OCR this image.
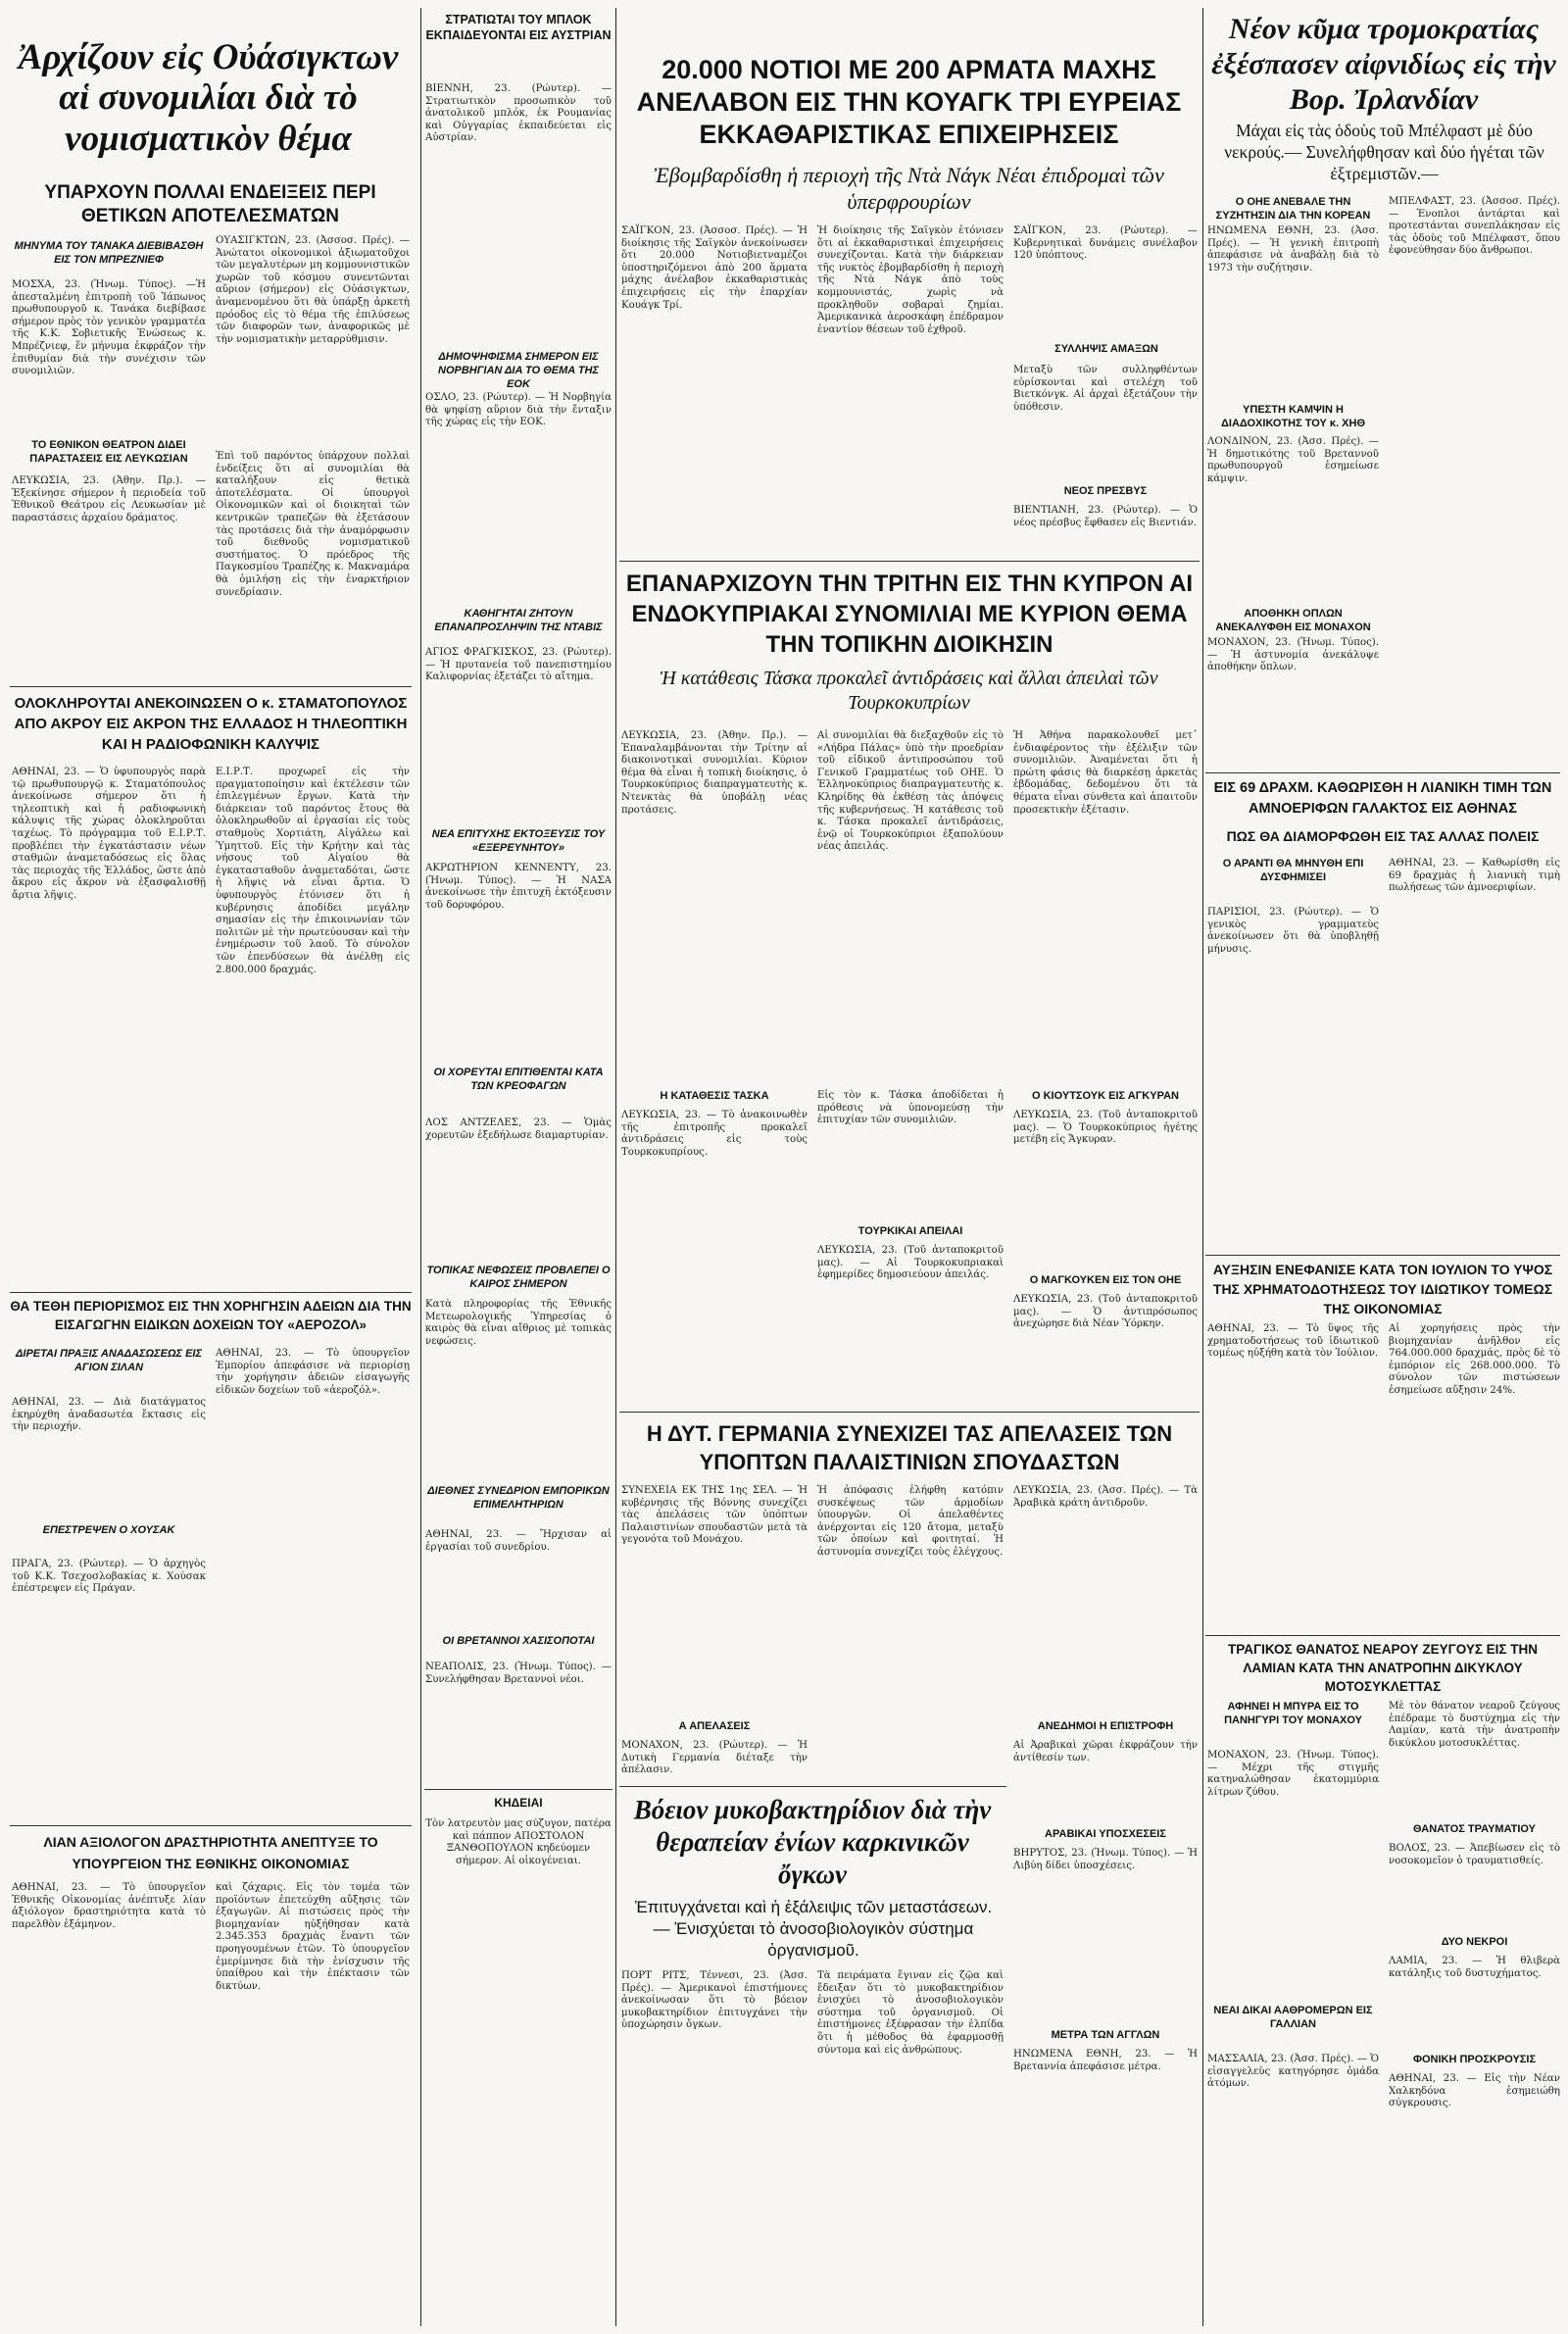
Ἀρχίζουν εἰς Οὐάσιγκτων αἱ συνομιλίαι διὰ τὸ νομισματικὸν θέμα
ΥΠΑΡΧΟΥΝ ΠΟΛΛΑΙ ΕΝΔΕΙΞΕΙΣ ΠΕΡΙ ΘΕΤΙΚΩΝ ΑΠΟΤΕΛΕΣΜΑΤΩΝ
ΟΥΑΣΙΓΚΤΩΝ, 23. (Ἀσσοσ. Πρές). — Ἀνώτατοι οἰκονομικοὶ ἀξιωματοῦχοι τῶν μεγαλυτέρων μη κομμουνιστικῶν χωρῶν τοῦ κόσμου συνεντῶνται αὔριον (σήμερον) εἰς Οὐάσιγκτων, ἀναμενομένου ὅτι θὰ ὑπάρξῃ ἀρκετὴ πρόοδος εἰς τὸ θέμα τῆς ἐπιλύσεως τῶν διαφορῶν των, ἀναφορικῶς μὲ τὴν νομισματικὴν μεταρρύθμισιν.
ΜΗΝΥΜΑ ΤΟΥ ΤΑΝΑΚΑ ΔΙΕΒΙΒΑΣΘΗ ΕΙΣ ΤΟΝ ΜΠΡΕΖΝΙΕΦ
ΜΟΣΧΑ, 23. (Ἡνωμ. Τύπος). —Ἡ ἀπεσταλμένη ἐπιτροπὴ τοῦ Ἰάπωνος πρωθυπουργοῦ κ. Τανάκα διεβίβασε σήμερον πρὸς τὸν γενικὸν γραμματέα τῆς Κ.Κ. Σοβιετικῆς Ἑνώσεως κ. Μπρέζνιεφ, ἕν μήνυμα ἐκφράζον τὴν ἐπιθυμίαν διὰ τὴν συνέχισιν τῶν συνομιλιῶν.
ΤΟ ΕΘΝΙΚΟΝ ΘΕΑΤΡΟΝ ΔΙΔΕΙ ΠΑΡΑΣΤΑΣΕΙΣ ΕΙΣ ΛΕΥΚΩΣΙΑΝ
ΛΕΥΚΩΣΙΑ, 23. (Ἀθην. Πρ.). — Ἐξεκίνησε σήμερον ἡ περιοδεία τοῦ Ἐθνικοῦ Θεάτρου εἰς Λευκωσίαν μὲ παραστάσεις ἀρχαίου δράματος.
Ἐπὶ τοῦ παρόντος ὑπάρχουν πολλαὶ ἐνδείξεις ὅτι αἱ συνομιλίαι θὰ καταλήξουν εἰς θετικὰ ἀποτελέσματα. Οἱ ὑπουργοὶ Οἰκονομικῶν καὶ οἱ διοικηταὶ τῶν κεντρικῶν τραπεζῶν θὰ ἐξετάσουν τὰς προτάσεις διὰ τὴν ἀναμόρφωσιν τοῦ διεθνοῦς νομισματικοῦ συστήματος. Ὁ πρόεδρος τῆς Παγκοσμίου Τραπέζης κ. Μακναμάρα θὰ ὁμιλήσῃ εἰς τὴν ἐναρκτήριον συνεδρίασιν.
ΟΛΟΚΛΗΡΟΥΤΑΙ ΑΝΕΚΟΙΝΩΣΕΝ Ο κ. ΣΤΑΜΑΤΟΠΟΥΛΟΣ ΑΠΟ ΑΚΡΟΥ ΕΙΣ ΑΚΡΟΝ ΤΗΣ ΕΛΛΑΔΟΣ Η ΤΗΛΕΟΠΤΙΚΗ ΚΑΙ Η ΡΑΔΙΟΦΩΝΙΚΗ ΚΑΛΥΨΙΣ
ΑΘΗΝΑΙ, 23. — Ὁ ὑφυπουργὸς παρὰ τῷ πρωθυπουργῷ κ. Σταματόπουλος ἀνεκοίνωσε σήμερον ὅτι ἡ τηλεοπτικὴ καὶ ἡ ραδιοφωνικὴ κάλυψις τῆς χώρας ὁλοκληροῦται ταχέως. Τὸ πρόγραμμα τοῦ Ε.Ι.Ρ.Τ. προβλέπει τὴν ἐγκατάστασιν νέων σταθμῶν ἀναμεταδόσεως εἰς ὅλας τὰς περιοχὰς τῆς Ἑλλάδος, ὥστε ἀπὸ ἄκρου εἰς ἄκρον νὰ ἐξασφαλισθῇ ἄρτια λῆψις.
Ε.Ι.Ρ.Τ. προχωρεῖ εἰς τὴν πραγματοποίησιν καὶ ἐκτέλεσιν τῶν ἐπιλεγμένων ἔργων. Κατὰ τὴν διάρκειαν τοῦ παρόντος ἔτους θὰ ὁλοκληρωθοῦν αἱ ἐργασίαι εἰς τοὺς σταθμοὺς Χορτιάτη, Αἰγάλεω καὶ Ὑμηττοῦ. Εἰς τὴν Κρήτην καὶ τὰς νήσους τοῦ Αἰγαίου θὰ ἐγκατασταθοῦν ἀναμεταδόται, ὥστε ἡ λῆψις νὰ εἶναι ἄρτια. Ὁ ὑφυπουργὸς ἐτόνισεν ὅτι ἡ κυβέρνησις ἀποδίδει μεγάλην σημασίαν εἰς τὴν ἐπικοινωνίαν τῶν πολιτῶν μὲ τὴν πρωτεύουσαν καὶ τὴν ἐνημέρωσιν τοῦ λαοῦ. Τὸ σύνολον τῶν ἐπενδύσεων θὰ ἀνέλθῃ εἰς 2.800.000 δραχμάς.
ΘΑ ΤΕΘΗ ΠΕΡΙΟΡΙΣΜΟΣ ΕΙΣ ΤΗΝ ΧΟΡΗΓΗΣΙΝ ΑΔΕΙΩΝ ΔΙΑ ΤΗΝ ΕΙΣΑΓΩΓΗΝ ΕΙΔΙΚΩΝ ΔΟΧΕΙΩΝ ΤΟΥ «ΑΕΡΟΖΟΛ»
ΔΙΡΕΤΑΙ ΠΡΑΞΙΣ ΑΝΑΔΑΣΩΣΕΩΣ ΕΙΣ ΑΓΙΟΝ ΣΙΛΑΝ
ΑΘΗΝΑΙ, 23. — Διὰ διατάγματος ἐκηρύχθη ἀναδασωτέα ἔκτασις εἰς τὴν περιοχήν.
ΑΘΗΝΑΙ, 23. — Τὸ ὑπουργεῖον Ἐμπορίου ἀπεφάσισε νὰ περιορίσῃ τὴν χορήγησιν ἀδειῶν εἰσαγωγῆς εἰδικῶν δοχείων τοῦ «ἀεροζόλ».
ΕΠΕΣΤΡΕΨΕΝ Ο ΧΟΥΣΑΚ
ΠΡΑΓΑ, 23. (Ρώυτερ). — Ὁ ἀρχηγὸς τοῦ Κ.Κ. Τσεχοσλοβακίας κ. Χούσακ ἐπέστρεψεν εἰς Πράγαν.
ΛΙΑΝ ΑΞΙΟΛΟΓΟΝ ΔΡΑΣΤΗΡΙΟΤΗΤΑ ΑΝΕΠΤΥΞΕ ΤΟ ΥΠΟΥΡΓΕΙΟΝ ΤΗΣ ΕΘΝΙΚΗΣ ΟΙΚΟΝΟΜΙΑΣ
ΑΘΗΝΑΙ, 23. — Τὸ ὑπουργεῖον Ἐθνικῆς Οἰκονομίας ἀνέπτυξε λίαν ἀξιόλογον δραστηριότητα κατὰ τὸ παρελθὸν ἑξάμηνον.
καὶ ζάχαρις. Εἰς τὸν τομέα τῶν προϊόντων ἐπετεύχθη αὔξησις τῶν ἐξαγωγῶν. Αἱ πιστώσεις πρὸς τὴν βιομηχανίαν ηὐξήθησαν κατὰ 2.345.353 δραχμὰς ἔναντι τῶν προηγουμένων ἐτῶν. Τὸ ὑπουργεῖον ἐμερίμνησε διὰ τὴν ἐνίσχυσιν τῆς ὑπαίθρου καὶ τὴν ἐπέκτασιν τῶν δικτύων.
ΣΤΡΑΤΙΩΤΑΙ ΤΟΥ ΜΠΛΟΚ ΕΚΠΑΙΔΕΥΟΝΤΑΙ ΕΙΣ ΑΥΣΤΡΙΑΝ
ΒΙΕΝΝΗ, 23. (Ρώυτερ). — Στρατιωτικὸν προσωπικὸν τοῦ ἀνατολικοῦ μπλόκ, ἐκ Ρουμανίας καὶ Οὐγγαρίας ἐκπαιδεύεται εἰς Αὐστρίαν.
ΔΗΜΟΨΗΦΙΣΜΑ ΣΗΜΕΡΟΝ ΕΙΣ ΝΟΡΒΗΓΙΑΝ ΔΙΑ ΤΟ ΘΕΜΑ ΤΗΣ ΕΟΚ
ΟΣΛΟ, 23. (Ρώυτερ). — Ἡ Νορβηγία θὰ ψηφίσῃ αὔριον διὰ τὴν ἔνταξιν τῆς χώρας εἰς τὴν ΕΟΚ.
ΚΑΘΗΓΗΤΑΙ ΖΗΤΟΥΝ ΕΠΑΝΑΠΡΟΣΛΗΨΙΝ ΤΗΣ ΝΤΑΒΙΣ
ΑΓΙΟΣ ΦΡΑΓΚΙΣΚΟΣ, 23. (Ρώυτερ). — Ἡ πρυτανεία τοῦ πανεπιστημίου Καλιφορνίας ἐξετάζει τὸ αἴτημα.
ΝΕΑ ΕΠΙΤΥΧΗΣ ΕΚΤΟΞΕΥΣΙΣ ΤΟΥ «ΕΞΕΡΕΥΝΗΤΟΥ»
ΑΚΡΩΤΗΡΙΟΝ ΚΕΝΝΕΝΤΥ, 23. (Ἡνωμ. Τύπος). — Ἡ ΝΑΣΑ ἀνεκοίνωσε τὴν ἐπιτυχῆ ἐκτόξευσιν τοῦ δορυφόρου.
ΟΙ ΧΟΡΕΥΤΑΙ ΕΠΙΤΙΘΕΝΤΑΙ ΚΑΤΑ ΤΩΝ ΚΡΕΟΦΑΓΩΝ
ΛΟΣ ΑΝΤΖΕΛΕΣ, 23. — Ὁμὰς χορευτῶν ἐξεδήλωσε διαμαρτυρίαν.
ΤΟΠΙΚΑΣ ΝΕΦΩΣΕΙΣ ΠΡΟΒΛΕΠΕΙ Ο ΚΑΙΡΟΣ ΣΗΜΕΡΟΝ
Κατὰ πληροφορίας τῆς Ἐθνικῆς Μετεωρολογικῆς Ὑπηρεσίας ὁ καιρὸς θὰ εἶναι αἴθριος μὲ τοπικὰς νεφώσεις.
ΔΙΕΘΝΕΣ ΣΥΝΕΔΡΙΟΝ ΕΜΠΟΡΙΚΩΝ ΕΠΙΜΕΛΗΤΗΡΙΩΝ
ΑΘΗΝΑΙ, 23. — Ἤρχισαν αἱ ἐργασίαι τοῦ συνεδρίου.
ΟΙ ΒΡΕΤΑΝΝΟΙ ΧΑΣΙΣΟΠΟΤΑΙ
ΝΕΑΠΟΛΙΣ, 23. (Ἡνωμ. Τύπος). — Συνελήφθησαν Βρεταννοὶ νέοι.
ΚΗΔΕΙΑΙ
Τὸν λατρευτὸν μας σύζυγον, πατέρα καὶ πάππον ΑΠΟΣΤΟΛΟΝ ΞΑΝΘΟΠΟΥΛΟΝ κηδεύομεν σήμερον. Αἱ οἰκογένειαι.
20.000 ΝΟΤΙΟΙ ΜΕ 200 ΑΡΜΑΤΑ ΜΑΧΗΣ ΑΝΕΛΑΒΟΝ ΕΙΣ ΤΗΝ ΚΟΥΑΓΚ ΤΡΙ ΕΥΡΕΙΑΣ ΕΚΚΑΘΑΡΙΣΤΙΚΑΣ ΕΠΙΧΕΙΡΗΣΕΙΣ
Ἐβομβαρδίσθη ἡ περιοχὴ τῆς Ντὰ Νάγκ Νέαι ἐπιδρομαὶ τῶν ὑπερφρουρίων
ΣΑΪΓΚΟΝ, 23. (Ἀσσοσ. Πρές). — Ἡ διοίκησις τῆς Σαϊγκὸν ἀνεκοίνωσεν ὅτι 20.000 Νοτιοβιετναμέζοι ὑποστηριζόμενοι ἀπὸ 200 ἅρματα μάχης ἀνέλαβον ἐκκαθαριστικὰς ἐπιχειρήσεις εἰς τὴν ἐπαρχίαν Κουάγκ Τρί.
Ἡ διοίκησις τῆς Σαϊγκὸν ἐτόνισεν ὅτι αἱ ἐκκαθαριστικαὶ ἐπιχειρήσεις συνεχίζονται. Κατὰ τὴν διάρκειαν τῆς νυκτὸς ἐβομβαρδίσθη ἡ περιοχὴ τῆς Ντὰ Νάγκ ἀπὸ τοὺς κομμουνιστάς, χωρὶς νὰ προκληθοῦν σοβαραὶ ζημίαι. Ἀμερικανικὰ ἀεροσκάφη ἐπέδραμον ἐναντίον θέσεων τοῦ ἐχθροῦ.
ΣΥΛΛΗΨΙΣ ΑΜΑΞΩΝ
ΣΑΪΓΚΟΝ, 23. (Ρώυτερ). — Κυβερνητικαὶ δυνάμεις συνέλαβον 120 ὑπόπτους.
Μεταξὺ τῶν συλληφθέντων εὑρίσκονται καὶ στελέχη τοῦ Βιετκόνγκ. Αἱ ἀρχαὶ ἐξετάζουν τὴν ὑπόθεσιν.
ΝΕΟΣ ΠΡΕΣΒΥΣ
ΒΙΕΝΤΙΑΝΗ, 23. (Ρώυτερ). — Ὁ νέος πρέσβυς ἔφθασεν εἰς Βιεντιάν.
ΕΠΑΝΑΡΧΙΖΟΥΝ ΤΗΝ ΤΡΙΤΗΝ ΕΙΣ ΤΗΝ ΚΥΠΡΟΝ ΑΙ ΕΝΔΟΚΥΠΡΙΑΚΑΙ ΣΥΝΟΜΙΛΙΑΙ ΜΕ ΚΥΡΙΟΝ ΘΕΜΑ ΤΗΝ ΤΟΠΙΚΗΝ ΔΙΟΙΚΗΣΙΝ
Ἡ κατάθεσις Τάσκα προκαλεῖ ἀντιδράσεις καὶ ἄλλαι ἀπειλαὶ τῶν Τουρκοκυπρίων
ΛΕΥΚΩΣΙΑ, 23. (Ἀθην. Πρ.). — Ἐπαναλαμβάνονται τὴν Τρίτην αἱ διακοινοτικαὶ συνομιλίαι. Κύριον θέμα θὰ εἶναι ἡ τοπικὴ διοίκησις, ὁ Τουρκοκύπριος διαπραγματευτὴς κ. Ντενκτὰς θὰ ὑποβάλῃ νέας προτάσεις.
Αἱ συνομιλίαι θὰ διεξαχθοῦν εἰς τὸ «Λήδρα Πάλας» ὑπὸ τὴν προεδρίαν τοῦ εἰδικοῦ ἀντιπροσώπου τοῦ Γενικοῦ Γραμματέως τοῦ ΟΗΕ. Ὁ Ἑλληνοκύπριος διαπραγματευτὴς κ. Κληρίδης θὰ ἐκθέσῃ τὰς ἀπόψεις τῆς κυβερνήσεως. Ἡ κατάθεσις τοῦ κ. Τάσκα προκαλεῖ ἀντιδράσεις, ἐνῷ οἱ Τουρκοκύπριοι ἐξαπολύουν νέας ἀπειλάς.
Ἡ Ἀθήνα παρακολουθεῖ μετ᾽ ἐνδιαφέροντος τὴν ἐξέλιξιν τῶν συνομιλιῶν. Ἀναμένεται ὅτι ἡ πρώτη φάσις θὰ διαρκέσῃ ἀρκετὰς ἑβδομάδας, δεδομένου ὅτι τὰ θέματα εἶναι σύνθετα καὶ ἀπαιτοῦν προσεκτικὴν ἐξέτασιν.
Η ΚΑΤΑΘΕΣΙΣ ΤΑΣΚΑ
ΛΕΥΚΩΣΙΑ, 23. — Τὸ ἀνακοινωθὲν τῆς ἐπιτροπῆς προκαλεῖ ἀντιδράσεις εἰς τοὺς Τουρκοκυπρίους.
ΤΟΥΡΚΙΚΑΙ ΑΠΕΙΛΑΙ
ΛΕΥΚΩΣΙΑ, 23. (Τοῦ ἀνταποκριτοῦ μας). — Αἱ Τουρκοκυπριακαὶ ἐφημερίδες δημοσιεύουν ἀπειλάς.
Εἰς τὸν κ. Τάσκα ἀποδίδεται ἡ πρόθεσις νὰ ὑπονομεύσῃ τὴν ἐπιτυχίαν τῶν συνομιλιῶν.
Ο ΚΙΟΥΤΣΟΥΚ ΕΙΣ ΑΓΚΥΡΑΝ
ΛΕΥΚΩΣΙΑ, 23. (Τοῦ ἀνταποκριτοῦ μας). — Ὁ Τουρκοκύπριος ἡγέτης μετέβη εἰς Ἄγκυραν.
Ο ΜΑΓΚΟΥΚΕΝ ΕΙΣ ΤΟΝ ΟΗΕ
ΛΕΥΚΩΣΙΑ, 23. (Τοῦ ἀνταποκριτοῦ μας). — Ὁ ἀντιπρόσωπος ἀνεχώρησε διὰ Νέαν Ὑόρκην.
Η ΔΥΤ. ΓΕΡΜΑΝΙΑ ΣΥΝΕΧΙΖΕΙ ΤΑΣ ΑΠΕΛΑΣΕΙΣ ΤΩΝ ΥΠΟΠΤΩΝ ΠΑΛΑΙΣΤΙΝΙΩΝ ΣΠΟΥΔΑΣΤΩΝ
ΣΥΝΕΧΕΙΑ ΕΚ ΤΗΣ 1ης ΣΕΛ. — Ἡ κυβέρνησις τῆς Βόννης συνεχίζει τὰς ἀπελάσεις τῶν ὑπόπτων Παλαιστινίων σπουδαστῶν μετὰ τὰ γεγονότα τοῦ Μονάχου.
Ἡ ἀπόφασις ἐλήφθη κατόπιν συσκέψεως τῶν ἁρμοδίων ὑπουργῶν. Οἱ ἀπελαθέντες ἀνέρχονται εἰς 120 ἄτομα, μεταξὺ τῶν ὁποίων καὶ φοιτηταί. Ἡ ἀστυνομία συνεχίζει τοὺς ἐλέγχους.
Α ΑΠΕΛΑΣΕΙΣ
ΜΟΝΑΧΟΝ, 23. (Ρώυτερ). — Ἡ Δυτικὴ Γερμανία διέταξε τὴν ἀπέλασιν.
ΑΝΕΔΗΜΟΙ Η ΕΠΙΣΤΡΟΦΗ
ΛΕΥΚΩΣΙΑ, 23. (Ἀσσ. Πρές). — Τὰ Ἀραβικὰ κράτη ἀντιδροῦν.
Αἱ Ἀραβικαὶ χῶραι ἐκφράζουν τὴν ἀντίθεσίν των.
ΑΡΑΒΙΚΑΙ ΥΠΟΣΧΕΣΕΙΣ
ΒΗΡΥΤΟΣ, 23. (Ἡνωμ. Τύπος). — Ἡ Λιβύη δίδει ὑποσχέσεις.
ΜΕΤΡΑ ΤΩΝ ΑΓΓΛΩΝ
ΗΝΩΜΕΝΑ ΕΘΝΗ, 23. — Ἡ Βρεταννία ἀπεφάσισε μέτρα.
Βόειον μυκοβακτηρίδιον διὰ τὴν θεραπείαν ἐνίων καρκινικῶν ὄγκων
Ἐπιτυγχάνεται καὶ ἡ ἐξάλειψις τῶν μεταστάσεων.— Ἐνισχύεται τὸ ἀνοσοβιολογικὸν σύστημα ὀργανισμοῦ.
ΠΟΡΤ ΡΙΤΣ, Τέννεσι, 23. (Ἀσσ. Πρές). — Ἀμερικανοὶ ἐπιστήμονες ἀνεκοίνωσαν ὅτι τὸ βόειον μυκοβακτηρίδιον ἐπιτυγχάνει τὴν ὑποχώρησιν ὄγκων.
Τὰ πειράματα ἔγιναν εἰς ζῷα καὶ ἔδειξαν ὅτι τὸ μυκοβακτηρίδιον ἐνισχύει τὸ ἀνοσοβιολογικὸν σύστημα τοῦ ὀργανισμοῦ. Οἱ ἐπιστήμονες ἐξέφρασαν τὴν ἐλπίδα ὅτι ἡ μέθοδος θὰ ἐφαρμοσθῇ σύντομα καὶ εἰς ἀνθρώπους.
Νέον κῦμα τρομοκρατίας ἐξέσπασεν αἰφνιδίως εἰς τὴν Βορ. Ἰρλανδίαν
Μάχαι εἰς τὰς ὁδοὺς τοῦ Μπέλφαστ μὲ δύο νεκρούς.— Συνελήφθησαν καὶ δύο ἡγέται τῶν ἐξτρεμιστῶν.—
ΜΠΕΛΦΑΣΤ, 23. (Ἀσσοσ. Πρές). — Ἐνοπλοι ἀντάρται καὶ προτεστάνται συνεπλάκησαν εἰς τὰς ὁδοὺς τοῦ Μπέλφαστ, ὅπου ἐφονεύθησαν δύο ἄνθρωποι.
Ο ΟΗΕ ΑΝΕΒΑΛΕ ΤΗΝ ΣΥΖΗΤΗΣΙΝ ΔΙΑ ΤΗΝ ΚΟΡΕΑΝ
ΗΝΩΜΕΝΑ ΕΘΝΗ, 23. (Ἀσσ. Πρές). — Ἡ γενικὴ ἐπιτροπὴ ἀπεφάσισε νὰ ἀναβάλῃ διὰ τὸ 1973 τὴν συζήτησιν.
ΥΠΕΣΤΗ ΚΑΜΨΙΝ Η ΔΙΑΔΟΧΙΚΟΤΗΣ ΤΟΥ κ. ΧΗΘ
ΛΟΝΔΙΝΟΝ, 23. (Ἀσσ. Πρές). — Ἡ δημοτικότης τοῦ Βρεταννοῦ πρωθυπουργοῦ ἐσημείωσε κάμψιν.
ΑΠΟΘΗΚΗ ΟΠΛΩΝ ΑΝΕΚΑΛΥΦΘΗ ΕΙΣ ΜΟΝΑΧΟΝ
ΜΟΝΑΧΟΝ, 23. (Ἡνωμ. Τύπος). — Ἡ ἀστυνομία ἀνεκάλυψε ἀποθήκην ὅπλων.
ΕΙΣ 69 ΔΡΑΧΜ. ΚΑΘΩΡΙΣΘΗ Η ΛΙΑΝΙΚΗ ΤΙΜΗ ΤΩΝ ΑΜΝΟΕΡΙΦΩΝ ΓΑΛΑΚΤΟΣ ΕΙΣ ΑΘΗΝΑΣ
ΠΩΣ ΘΑ ΔΙΑΜΟΡΦΩΘΗ ΕΙΣ ΤΑΣ ΑΛΛΑΣ ΠΟΛΕΙΣ
Ο ΑΡΑΝΤΙ ΘΑ ΜΗΝΥΘΗ ΕΠΙ ΔΥΣΦΗΜΙΣΕΙ
ΠΑΡΙΣΙΟΙ, 23. (Ρώυτερ). — Ὁ γενικὸς γραμματεὺς ἀνεκοίνωσεν ὅτι θὰ ὑποβληθῇ μήνυσις.
ΑΘΗΝΑΙ, 23. — Καθωρίσθη εἰς 69 δραχμὰς ἡ λιανικὴ τιμὴ πωλήσεως τῶν ἀμνοεριφίων.
ΑΥΞΗΣΙΝ ΕΝΕΦΑΝΙΣΕ ΚΑΤΑ ΤΟΝ ΙΟΥΛΙΟΝ ΤΟ ΥΨΟΣ ΤΗΣ ΧΡΗΜΑΤΟΔΟΤΗΣΕΩΣ ΤΟΥ ΙΔΙΩΤΙΚΟΥ ΤΟΜΕΩΣ ΤΗΣ ΟΙΚΟΝΟΜΙΑΣ
ΑΘΗΝΑΙ, 23. — Τὸ ὕψος τῆς χρηματοδοτήσεως τοῦ ἰδιωτικοῦ τομέως ηὐξήθη κατὰ τὸν Ἰούλιον.
Αἱ χορηγήσεις πρὸς τὴν βιομηχανίαν ἀνῆλθον εἰς 764.000.000 δραχμάς, πρὸς δὲ τὸ ἐμπόριον εἰς 268.000.000. Τὸ σύνολον τῶν πιστώσεων ἐσημείωσε αὔξησιν 24%.
ΤΡΑΓΙΚΟΣ ΘΑΝΑΤΟΣ ΝΕΑΡΟΥ ΖΕΥΓΟΥΣ ΕΙΣ ΤΗΝ ΛΑΜΙΑΝ ΚΑΤΑ ΤΗΝ ΑΝΑΤΡΟΠΗΝ ΔΙΚΥΚΛΟΥ ΜΟΤΟΣΥΚΛΕΤΤΑΣ
ΑΦΗΝΕΙ Η ΜΠΥΡΑ ΕΙΣ ΤΟ ΠΑΝΗΓΥΡΙ ΤΟΥ ΜΟΝΑΧΟΥ
ΜΟΝΑΧΟΝ, 23. (Ἡνωμ. Τύπος). — Μέχρι τῆς στιγμῆς κατηναλώθησαν ἑκατομμύρια λίτρων ζύθου.
Μὲ τὸν θάνατον νεαροῦ ζεύγους ἐπέδραμε τὸ δυστύχημα εἰς τὴν Λαμίαν, κατὰ τὴν ἀνατροπὴν δικύκλου μοτοσυκλέττας.
ΘΑΝΑΤΟΣ ΤΡΑΥΜΑΤΙΟΥ
ΒΟΛΟΣ, 23. — Ἀπεβίωσεν εἰς τὸ νοσοκομεῖον ὁ τραυματισθείς.
ΔΥΟ ΝΕΚΡΟΙ
ΛΑΜΙΑ, 23. — Ἡ θλιβερὰ κατάληξις τοῦ δυστυχήματος.
ΝΕΑΙ ΔΙΚΑΙ ΑΑΘΡΟΜΕΡΩΝ ΕΙΣ ΓΑΛΛΙΑΝ
ΜΑΣΣΑΛΙΑ, 23. (Ἀσσ. Πρές). — Ὁ εἰσαγγελεὺς κατηγόρησε ὁμάδα ἀτόμων.
ΦΟΝΙΚΗ ΠΡΟΣΚΡΟΥΣΙΣ
ΑΘΗΝΑΙ, 23. — Εἰς τὴν Νέαν Χαλκηδόνα ἐσημειώθη σύγκρουσις.
